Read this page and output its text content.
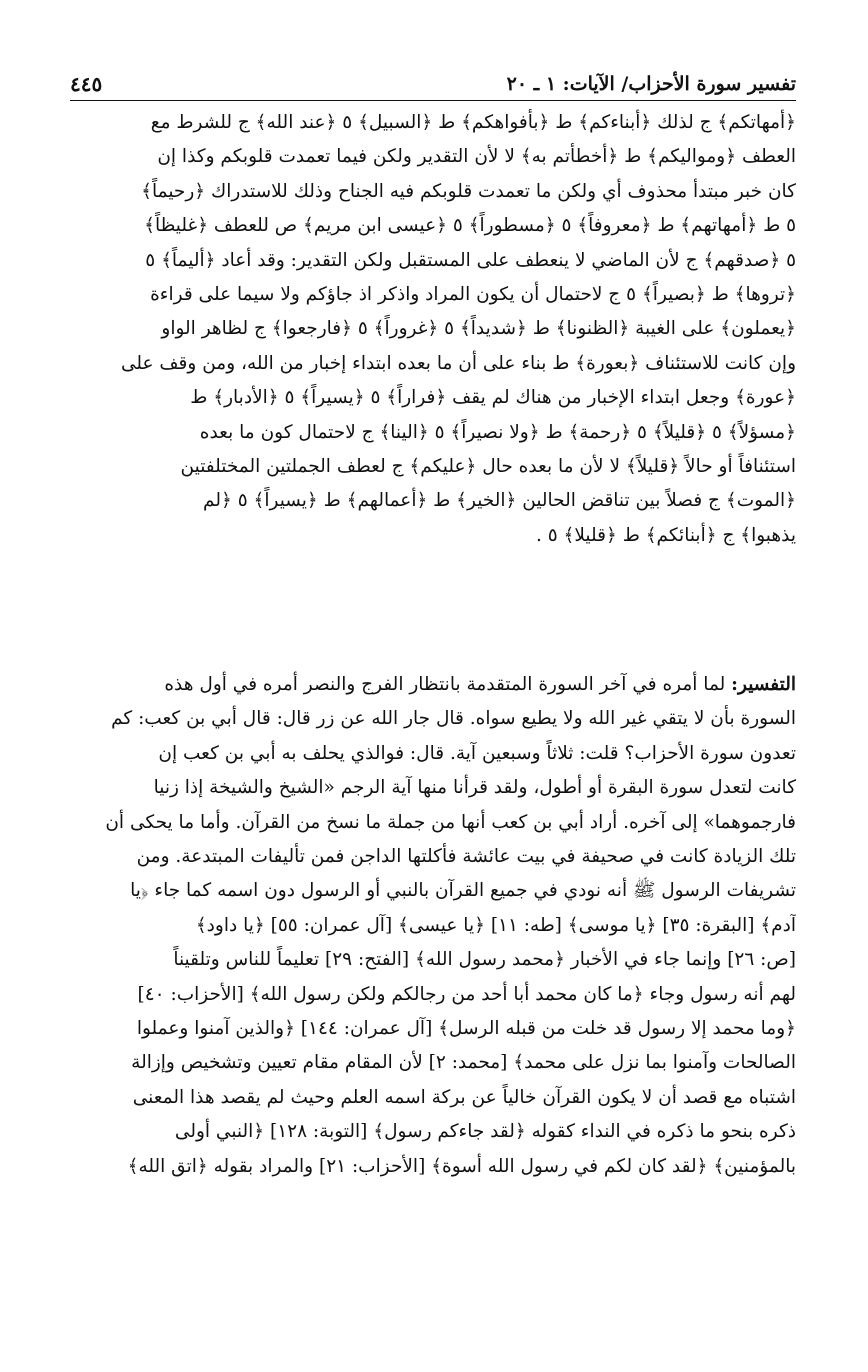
٤٤٥	تفسير سورة الأحزاب/ الآيات: ١ ـ ٢٠
﴿أمهاتكم﴾ ج لذلك ﴿أبناءكم﴾ ط ﴿بأفواهكم﴾ ط ﴿السبيل﴾ ٥ ﴿عند الله﴾ ج للشرط مع
العطف ﴿ومواليكم﴾ ط ﴿أخطأتم به﴾ لا لأن التقدير ولكن فيما تعمدت قلوبكم وكذا إن
كان خبر مبتدأ محذوف أي ولكن ما تعمدت قلوبكم فيه الجناح وذلك للاستدراك ﴿رحيماً﴾
٥ ط ﴿أمهاتهم﴾ ط ﴿معروفاً﴾ ٥ ﴿مسطوراً﴾ ٥ ﴿عيسى ابن مريم﴾ ص للعطف ﴿غليظاً﴾
٥ ﴿صدقهم﴾ ج لأن الماضي لا ينعطف على المستقبل ولكن التقدير: وقد أعاد ﴿أليماً﴾ ٥
﴿تروها﴾ ط ﴿بصيراً﴾ ٥ ج لاحتمال أن يكون المراد واذكر اذ جاؤكم ولا سيما على قراءة
﴿يعملون﴾ على الغيبة ﴿الظنونا﴾ ط ﴿شديداً﴾ ٥ ﴿غروراً﴾ ٥ ﴿فارجعوا﴾ ج لظاهر الواو
وإن كانت للاستئناف ﴿بعورة﴾ ط بناء على أن ما بعده ابتداء إخبار من الله، ومن وقف على
﴿عورة﴾ وجعل ابتداء الإخبار من هناك لم يقف ﴿فراراً﴾ ٥ ﴿يسيراً﴾ ٥ ﴿الأدبار﴾ ط
﴿مسؤلاً﴾ ٥ ﴿قليلاً﴾ ٥ ﴿رحمة﴾ ط ﴿ولا نصيراً﴾ ٥ ﴿الينا﴾ ج لاحتمال كون ما بعده
استئنافاً أو حالاً ﴿قليلاً﴾ لا لأن ما بعده حال ﴿عليكم﴾ ج لعطف الجملتين المختلفتين
﴿الموت﴾ ج فصلاً بين تناقض الحالين ﴿الخير﴾ ط ﴿أعمالهم﴾ ط ﴿يسيراً﴾ ٥ ﴿لم
يذهبوا﴾ ج ﴿أبنائكم﴾ ط ﴿قليلا﴾ ٥ .
التفسير: لما أمره في آخر السورة المتقدمة بانتظار الفرج والنصر أمره في أول هذه
السورة بأن لا يتقي غير الله ولا يطيع سواه. قال جار الله عن زر قال: قال أبي بن كعب: كم
تعدون سورة الأحزاب؟ قلت: ثلاثاً وسبعين آية. قال: فوالذي يحلف به أبي بن كعب إن
كانت لتعدل سورة البقرة أو أطول، ولقد قرأنا منها آية الرجم «الشيخ والشيخة إذا زنيا
فارجموهما» إلى آخره. أراد أبي بن كعب أنها من جملة ما نسخ من القرآن. وأما ما يحكى أن
تلك الزيادة كانت في صحيفة في بيت عائشة فأكلتها الداجن فمن تأليفات المبتدعة. ومن
تشريفات الرسول ﷺ أنه نودي في جميع القرآن بالنبي أو الرسول دون اسمه كما جاء ﴿يا
آدم﴾ [البقرة: ٣٥] ﴿يا موسى﴾ [طه: ١١] ﴿يا عيسى﴾ [آل عمران: ٥٥] ﴿يا داود﴾
[ص: ٢٦] وإنما جاء في الأخبار ﴿محمد رسول الله﴾ [الفتح: ٢٩] تعليماً للناس وتلقيناً
لهم أنه رسول وجاء ﴿ما كان محمد أبا أحد من رجالكم ولكن رسول الله﴾ [الأحزاب: ٤٠]
﴿وما محمد إلا رسول قد خلت من قبله الرسل﴾ [آل عمران: ١٤٤] ﴿والذين آمنوا وعملوا
الصالحات وآمنوا بما نزل على محمد﴾ [محمد: ٢] لأن المقام مقام تعيين وتشخيص وإزالة
اشتباه مع قصد أن لا يكون القرآن خالياً عن بركة اسمه العلم وحيث لم يقصد هذا المعنى
ذكره بنحو ما ذكره في النداء كقوله ﴿لقد جاءكم رسول﴾ [التوبة: ١٢٨] ﴿النبي أولى
بالمؤمنين﴾ ﴿لقد كان لكم في رسول الله أسوة﴾ [الأحزاب: ٢١] والمراد بقوله ﴿اتق الله﴾
